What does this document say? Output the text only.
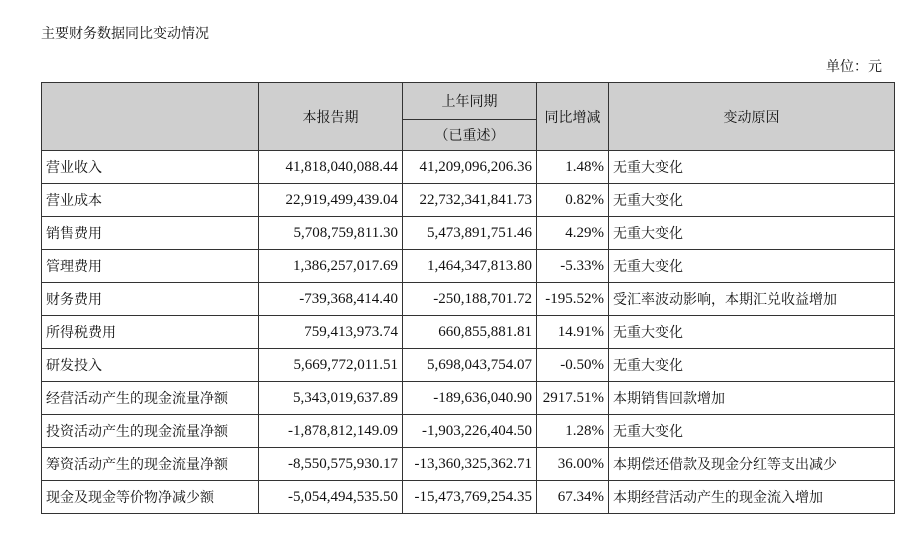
主要财务数据同比变动情况
单位：元
	本报告期	上年同期	同比增减	变动原因
		（已重述）		
营业收入	41,818,040,088.44	41,209,096,206.36	1.48%	无重大变化
营业成本	22,919,499,439.04	22,732,341,841.73	0.82%	无重大变化
销售费用	5,708,759,811.30	5,473,891,751.46	4.29%	无重大变化
管理费用	1,386,257,017.69	1,464,347,813.80	-5.33%	无重大变化
财务费用	-739,368,414.40	-250,188,701.72	-195.52%	受汇率波动影响，本期汇兑收益增加
所得税费用	759,413,973.74	660,855,881.81	14.91%	无重大变化
研发投入	5,669,772,011.51	5,698,043,754.07	-0.50%	无重大变化
经营活动产生的现金流量净额	5,343,019,637.89	-189,636,040.90	2917.51%	本期销售回款增加
投资活动产生的现金流量净额	-1,878,812,149.09	-1,903,226,404.50	1.28%	无重大变化
筹资活动产生的现金流量净额	-8,550,575,930.17	-13,360,325,362.71	36.00%	本期偿还借款及现金分红等支出减少
现金及现金等价物净减少额	-5,054,494,535.50	-15,473,769,254.35	67.34%	本期经营活动产生的现金流入增加
